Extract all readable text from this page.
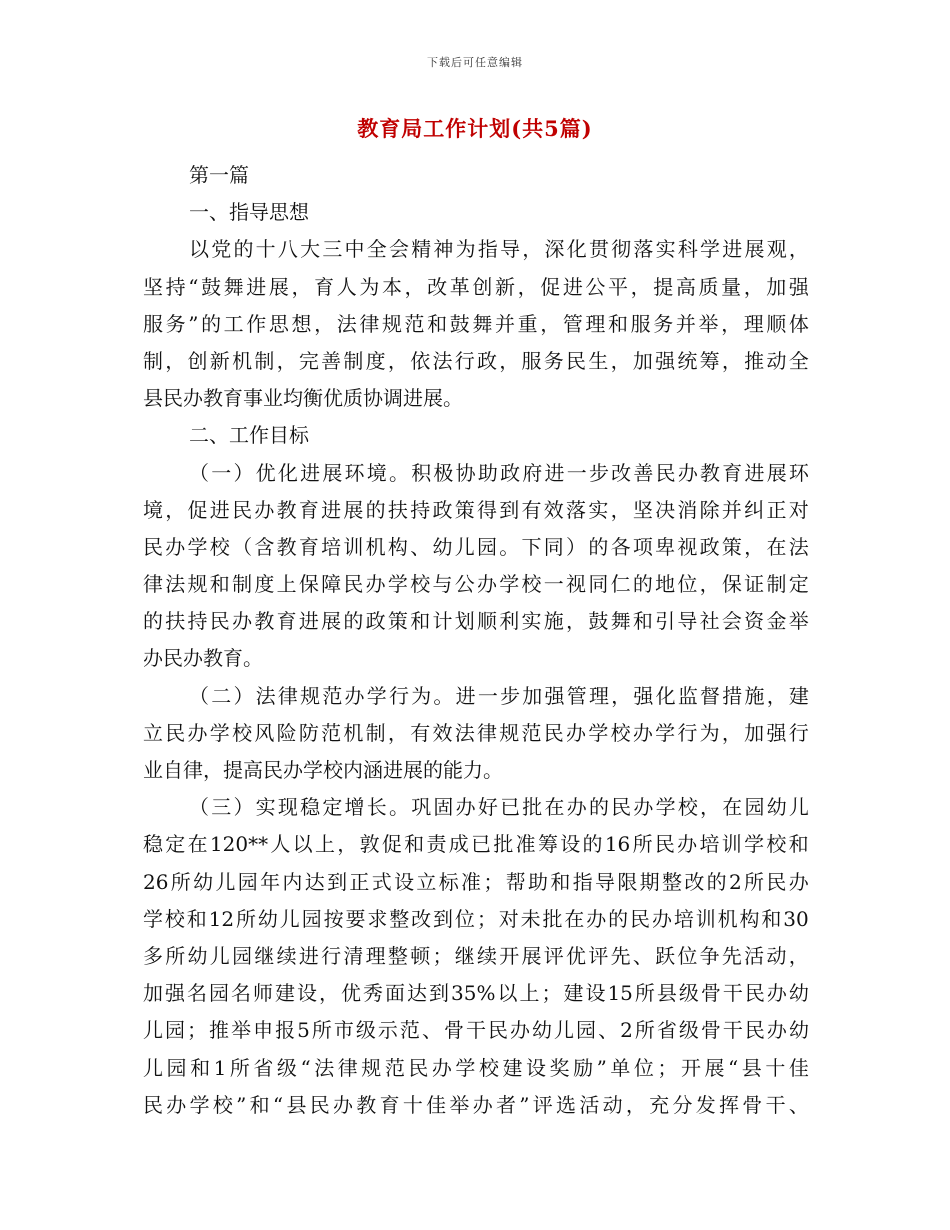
下载后可任意编辑
教育局工作计划(共5篇)
第一篇
一、指导思想
以 党 的 十 八 大 三 中 全 会 精 神 为 指 导 ， 深 化 贯 彻 落 实 科 学 进 展 观 ，
坚 持 “ 鼓 舞 进 展 ， 育 人 为 本 ， 改 革 创 新 ， 促 进 公 平 ， 提 高 质 量 ， 加 强
服 务 ” 的 工 作 思 想 ， 法 律 规 范 和 鼓 舞 并 重 ， 管 理 和 服 务 并 举 ， 理 顺 体
制 ， 创 新 机 制 ， 完 善 制 度 ， 依 法 行 政 ， 服 务 民 生 ， 加 强 统 筹 ， 推 动 全
县民办教育事业均衡优质协调进展。
二、工作目标
（ 一 ） 优 化 进 展 环 境 。 积 极 协 助 政 府 进 一 步 改 善 民 办 教 育 进 展 环
境 ， 促 进 民 办 教 育 进 展 的 扶 持 政 策 得 到 有 效 落 实 ， 坚 决 消 除 并 纠 正 对
民 办 学 校 （ 含 教 育 培 训 机 构 、 幼 儿 园 。 下 同 ） 的 各 项 卑 视 政 策 ， 在 法
律 法 规 和 制 度 上 保 障 民 办 学 校 与 公 办 学 校 一 视 同 仁 的 地 位 ， 保 证 制 定
的 扶 持 民 办 教 育 进 展 的 政 策 和 计 划 顺 利 实 施 ， 鼓 舞 和 引 导 社 会 资 金 举
办民办教育。
（ 二 ） 法 律 规 范 办 学 行 为 。 进 一 步 加 强 管 理 ， 强 化 监 督 措 施 ， 建
立 民 办 学 校 风 险 防 范 机 制 ， 有 效 法 律 规 范 民 办 学 校 办 学 行 为 ， 加 强 行
业自律，提高民办学校内涵进展的能力。
（ 三 ） 实 现 稳 定 增 长 。 巩 固 办 好 已 批 在 办 的 民 办 学 校 ， 在 园 幼 儿
稳 定 在 120** 人 以 上 ， 敦 促 和 责 成 已 批 准 筹 设 的 16 所 民 办 培 训 学 校 和
26 所 幼 儿 园 年 内 达 到 正 式 设 立 标 准 ； 帮 助 和 指 导 限 期 整 改 的 2 所 民 办
学 校 和 12 所 幼 儿 园 按 要 求 整 改 到 位 ； 对 未 批 在 办 的 民 办 培 训 机 构 和 30
多 所 幼 儿 园 继 续 进 行 清 理 整 顿 ； 继 续 开 展 评 优 评 先 、 跃 位 争 先 活 动 ，
加 强 名 园 名 师 建 设 ， 优 秀 面 达 到 35% 以 上 ； 建 设 15 所 县 级 骨 干 民 办 幼
儿 园 ； 推 举 申 报 5 所 市 级 示 范 、 骨 干 民 办 幼 儿 园 、 2 所 省 级 骨 干 民 办 幼
儿 园 和 1 所 省 级 “ 法 律 规 范 民 办 学 校 建 设 奖 励 ” 单 位 ； 开 展 “ 县 十 佳
民 办 学 校 ” 和 “ 县 民 办 教 育 十 佳 举 办 者 ” 评 选 活 动 ， 充 分 发 挥 骨 干 、
